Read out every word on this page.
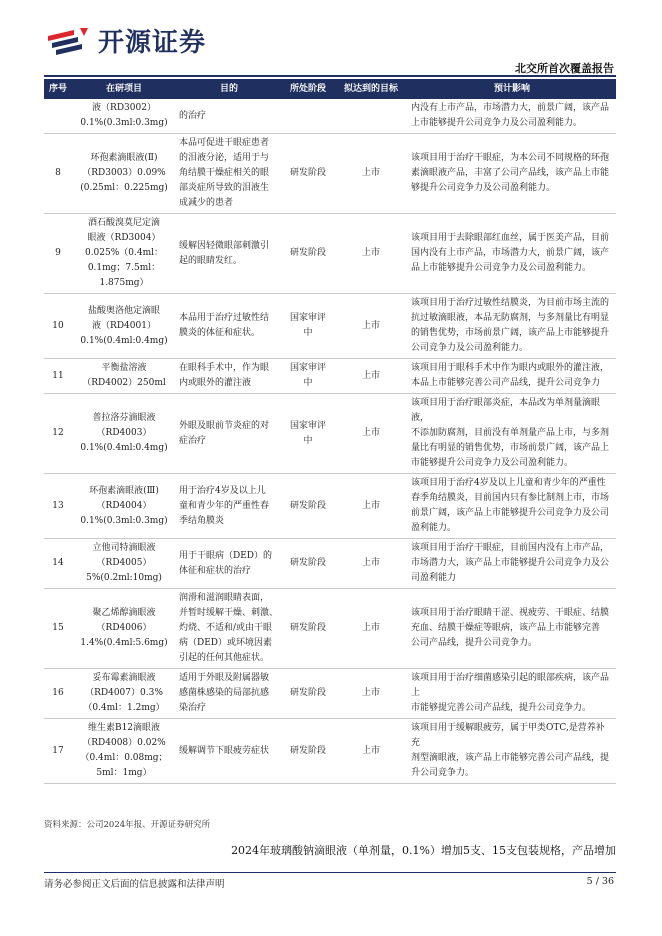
开源证券
北交所首次覆盖报告
序号	在研项目	目的	所处阶段	拟达到的目标	预计影响
	液（RD3002）
0.1%(0.3ml:0.3mg)	的治疗			内没有上市产品，市场潜力大，前景广阔，该产品
上市能够提升公司竞争力及公司盈利能力。
8	环孢素滴眼液(Ⅱ)
（RD3003）0.09%
(0.25ml：0.225mg)	本品可促进干眼症患者
的泪液分泌，适用于与
角结膜干燥症相关的眼
部炎症所导致的泪液生
成减少的患者	研发阶段	上市	该项目用于治疗干眼症，为本公司不同规格的环孢
素滴眼液产品，丰富了公司产品线，该产品上市能
够提升公司竞争力及公司盈利能力。
9	酒石酸溴莫尼定滴
眼液（RD3004）
0.025%（0.4ml：
0.1mg；7.5ml：
1.875mg）	缓解因轻微眼部刺激引
起的眼睛发红。	研发阶段	上市	该项目用于去除眼部红血丝，属于医美产品，目前
国内没有上市产品，市场潜力大，前景广阔，该产
品上市能够提升公司竞争力及公司盈利能力。
10	盐酸奥洛他定滴眼
液（RD4001）
0.1%(0.4ml:0.4mg)	本品用于治疗过敏性结
膜炎的体征和症状。	国家审评
中	上市	该项目用于治疗过敏性结膜炎，为目前市场主流的
抗过敏滴眼液，本品无防腐剂，与多剂量比有明显
的销售优势，市场前景广阔，该产品上市能够提升
公司竞争力及公司盈利能力。
11	平衡盐溶液
（RD4002）250ml	在眼科手术中，作为眼
内或眼外的灌注液	国家审评
中	上市	该项目用于眼科手术中作为眼内或眼外的灌注液，
本品上市能够完善公司产品线，提升公司竞争力
12	普拉洛芬滴眼液
（RD4003）
0.1%(0.4ml:0.4mg)	外眼及眼前节炎症的对
症治疗	国家审评
中	上市	该项目用于治疗眼部炎症，本品改为单剂量滴眼液，
不添加防腐剂，目前没有单剂量产品上市，与多剂
量比有明显的销售优势，市场前景广阔，该产品上
市能够提升公司竞争力及公司盈利能力。
13	环孢素滴眼液(Ⅲ)
（RD4004）
0.1%(0.3ml:0.3mg)	用于治疗4岁及以上儿
童和青少年的严重性春
季结角膜炎	研发阶段	上市	该项目用于治疗4岁及以上儿童和青少年的严重性
春季角结膜炎，目前国内只有参比制剂上市，市场
前景广阔，该产品上市能够提升公司竞争力及公司
盈利能力。
14	立他司特滴眼液
（RD4005）
5%(0.2ml:10mg)	用于干眼病（DED）的
体征和症状的治疗	研发阶段	上市	该项目用于治疗干眼症，目前国内没有上市产品，
市场潜力大，该产品上市能够提升公司竞争力及公
司盈利能力
15	聚乙烯醇滴眼液
（RD4006）
1.4%(0.4ml:5.6mg)	润滑和滋润眼睛表面，
并暂时缓解干燥、刺激、
灼烧、不适和/或由干眼
病（DED）或环境因素
引起的任何其他症状。	研发阶段	上市	该项目用于治疗眼睛干涩、视疲劳、干眼症、结膜
充血、结膜干燥症等眼病，该产品上市能够完善
公司产品线，提升公司竞争力。
16	妥布霉素滴眼液
（RD4007）0.3%
（0.4ml：1.2mg）	适用于外眼及附属器敏
感菌株感染的局部抗感
染治疗	研发阶段	上市	该项目用于治疗细菌感染引起的眼部疾病，该产品上
市能够提完善公司产品线，提升公司竞争力。
17	维生素B12滴眼液
（RD4008）0.02%
（0.4ml：0.08mg；
5ml：1mg）	缓解调节下眼疲劳症状	研发阶段	上市	该项目用于缓解眼疲劳，属于甲类OTC,是营养补充
剂型滴眼液，该产品上市能够完善公司产品线，提
升公司竞争力。
资料来源：公司2024年报、开源证券研究所
2024年玻璃酸钠滴眼液（单剂量，0.1%）增加5支、15支包装规格，产品增加
请务必参阅正文后面的信息披露和法律声明	5 / 36
